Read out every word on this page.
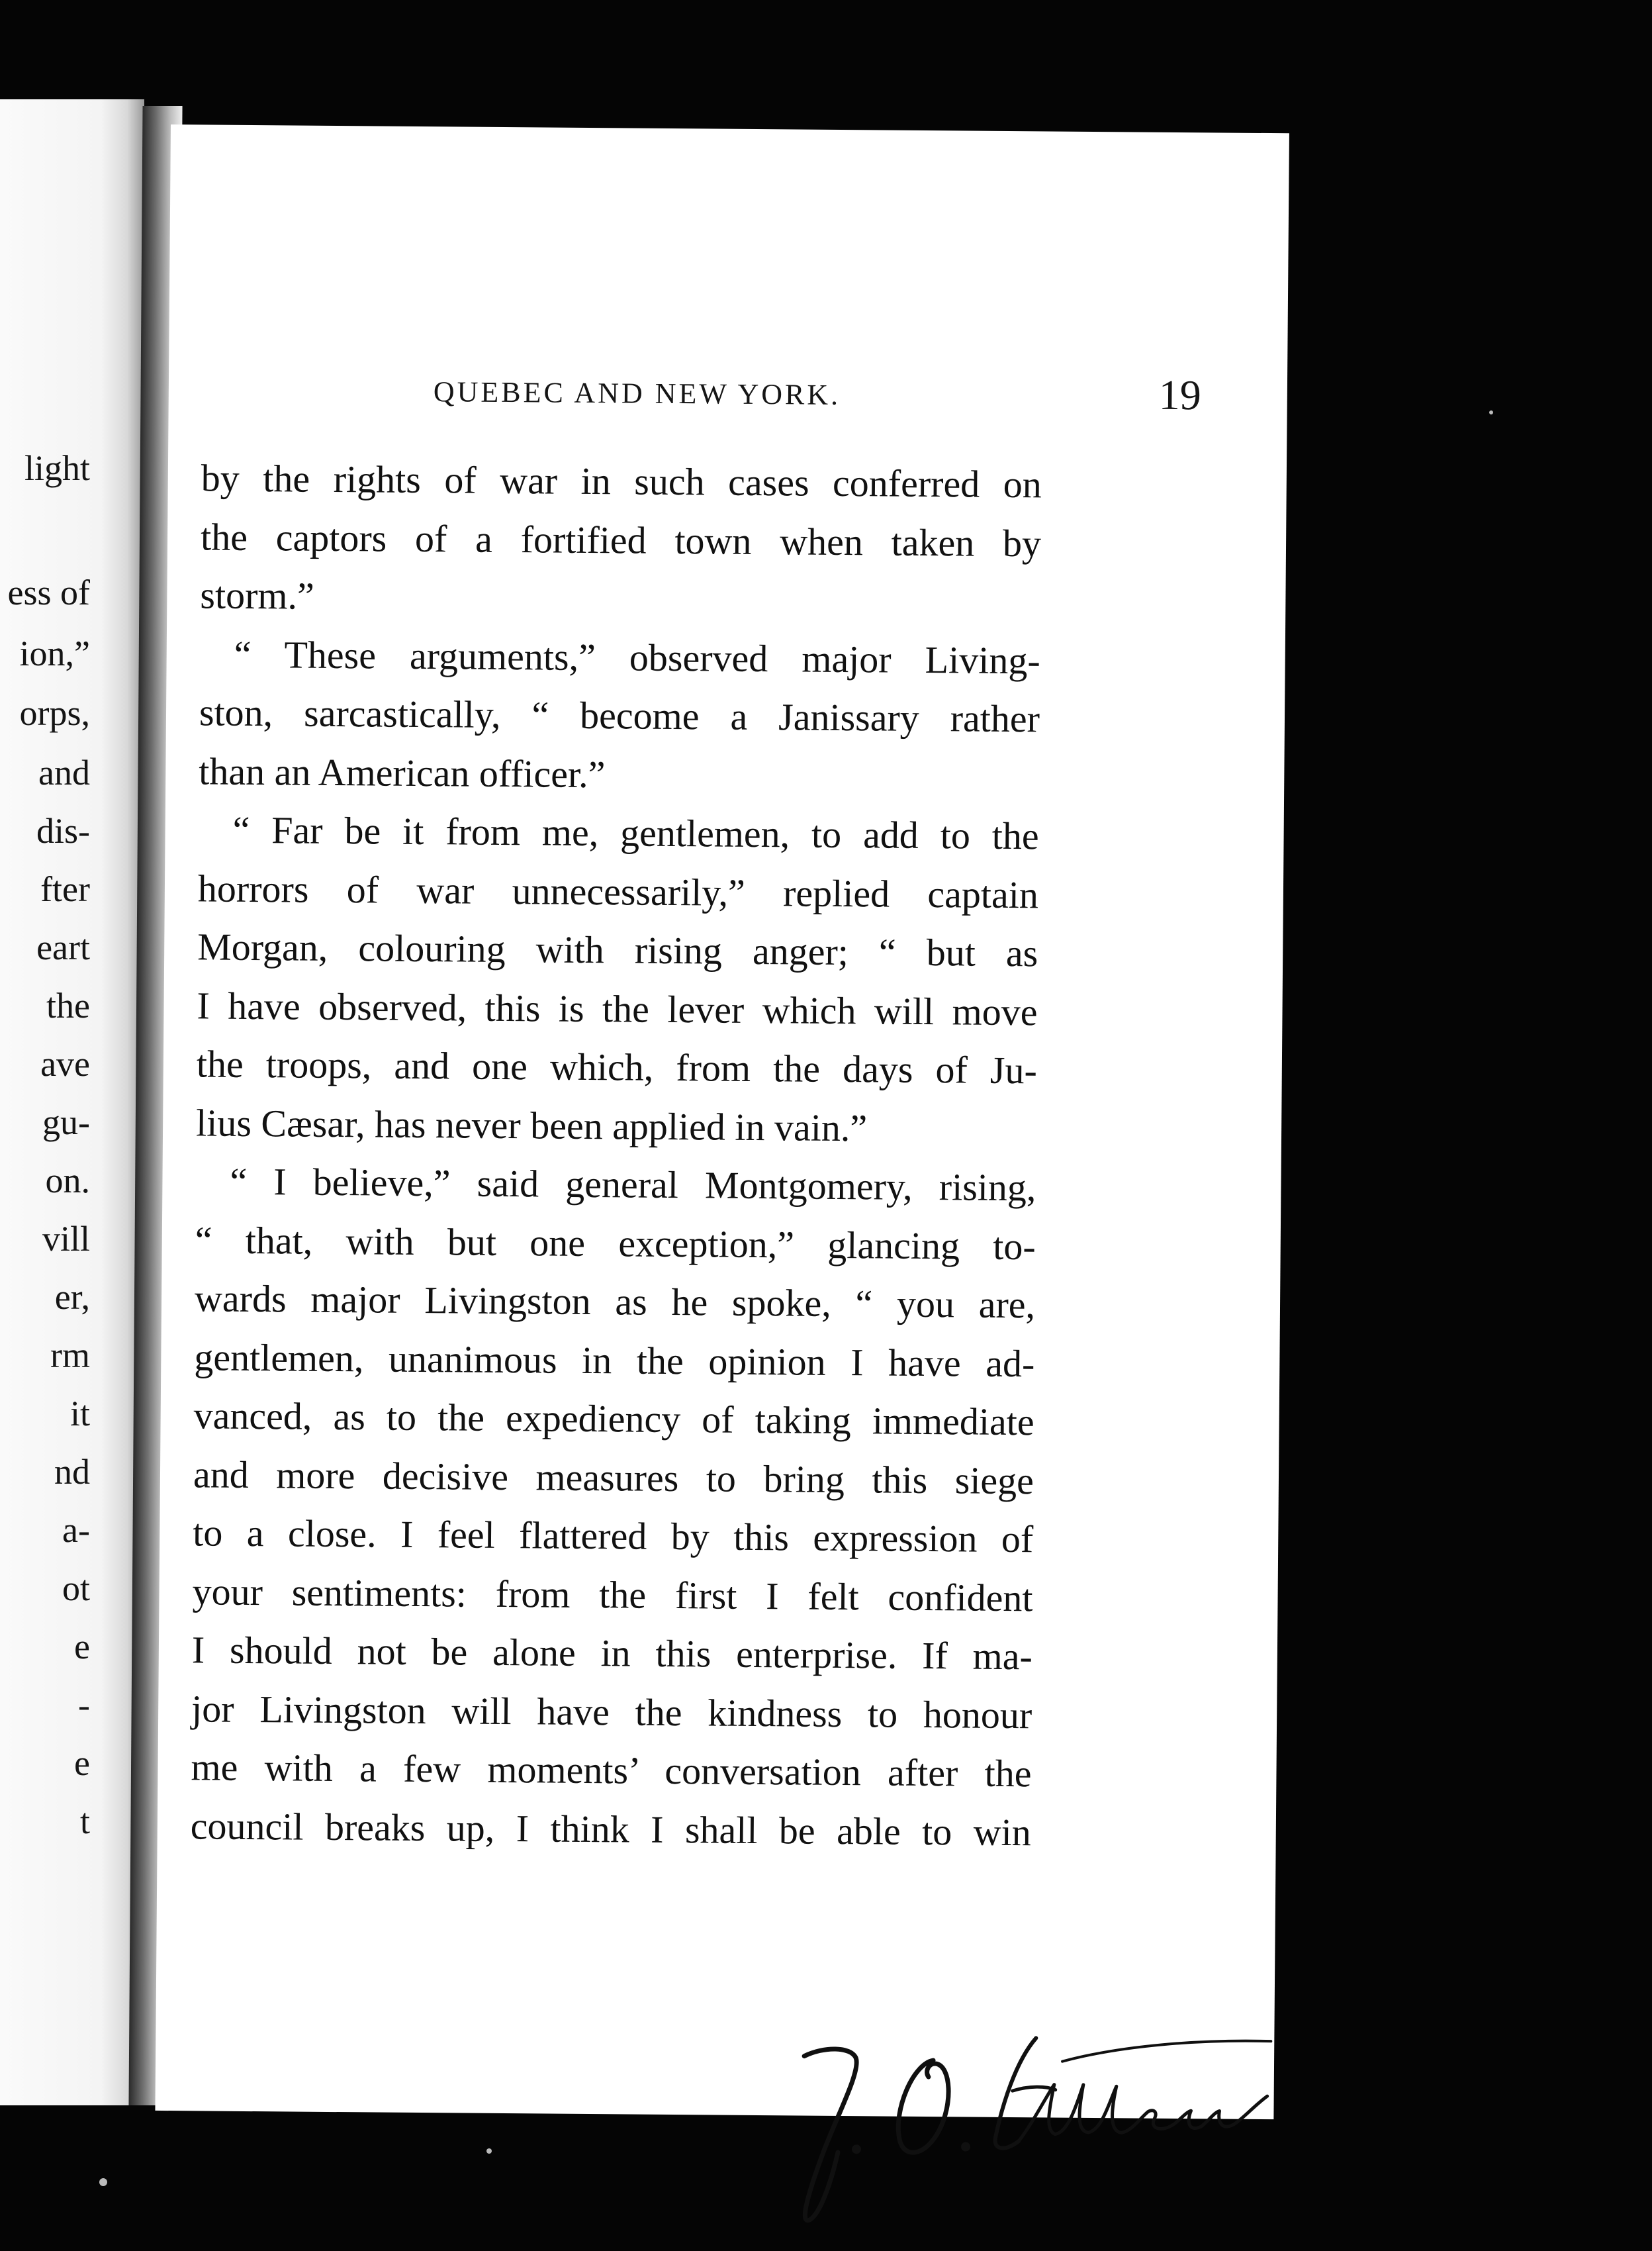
light
ess of
ion,”
orps,
and
dis-
fter
eart
the
ave
gu-
on.
vill
er,
rm
it
nd
a-
ot
e
-
e
t
QUEBEC AND NEW YORK.	19
by the rights of war in such cases conferred on
the captors of a fortified town when taken by
storm.”
“ These arguments,” observed major Living-
ston, sarcastically, “ become a Janissary rather
than an American officer.”
“ Far be it from me, gentlemen, to add to the
horrors of war unnecessarily,” replied captain
Morgan, colouring with rising anger; “ but as
I have observed, this is the lever which will move
the troops, and one which, from the days of Ju-
lius Cæsar, has never been applied in vain.”
“ I believe,” said general Montgomery, rising,
“ that, with but one exception,” glancing to-
wards major Livingston as he spoke, “ you are,
gentlemen, unanimous in the opinion I have ad-
vanced, as to the expediency of taking immediate
and more decisive measures to bring this siege
to a close. I feel flattered by this expression of
your sentiments: from the first I felt confident
I should not be alone in this enterprise. If ma-
jor Livingston will have the kindness to honour
me with a few moments’ conversation after the
council breaks up, I think I shall be able to win
